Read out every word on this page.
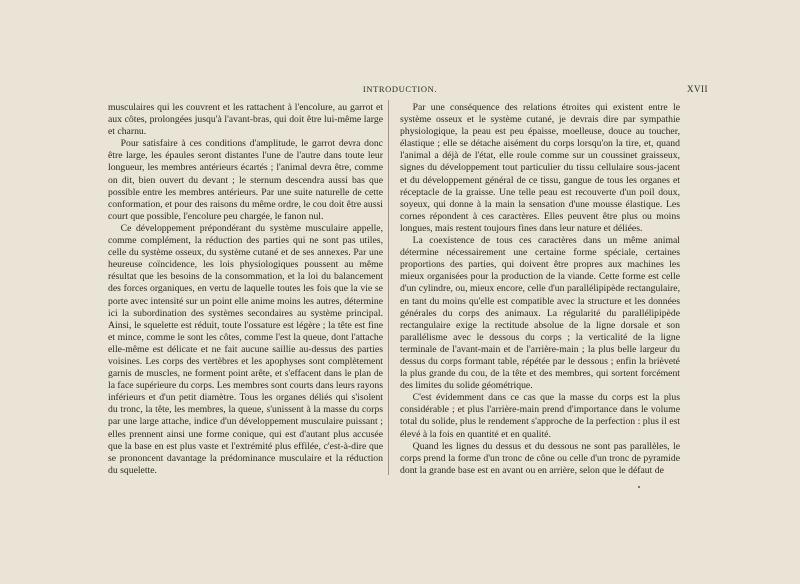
INTRODUCTION.	XVII

musculaires qui les couvrent et les rattachent à l'encolure, au garrot et aux côtes, prolongées jusqu'à l'avant-bras, qui doit être lui-même large et charnu.

Pour satisfaire à ces conditions d'amplitude, le garrot devra donc être large, les épaules seront distantes l'une de l'autre dans toute leur longueur, les membres antérieurs écartés ; l'animal devra être, comme on dit, bien ouvert du devant ; le sternum descendra aussi bas que possible entre les membres antérieurs. Par une suite naturelle de cette conformation, et pour des raisons du même ordre, le cou doit être aussi court que possible, l'encolure peu chargée, le fanon nul.

Ce développement prépondérant du système musculaire appelle, comme complément, la réduction des parties qui ne sont pas utiles, celle du système osseux, du système cutané et de ses annexes. Par une heureuse coïncidence, les lois physiologiques poussent au même résultat que les besoins de la consommation, et la loi du balancement des forces organiques, en vertu de laquelle toutes les fois que la vie se porte avec intensité sur un point elle anime moins les autres, détermine ici la subordination des systèmes secondaires au système principal. Ainsi, le squelette est réduit, toute l'ossature est légère ; la tête est fine et mince, comme le sont les côtes, comme l'est la queue, dont l'attache elle-même est délicate et ne fait aucune saillie au-dessus des parties voisines. Les corps des vertèbres et les apophyses sont complètement garnis de muscles, ne forment point arête, et s'effacent dans le plan de la face supérieure du corps. Les membres sont courts dans leurs rayons inférieurs et d'un petit diamètre. Tous les organes déliés qui s'isolent du tronc, la tête, les membres, la queue, s'unissent à la masse du corps par une large attache, indice d'un développement musculaire puissant ; elles prennent ainsi une forme conique, qui est d'autant plus accusée que la base en est plus vaste et l'extrémité plus effilée, c'est-à-dire que se prononcent davantage la prédominance musculaire et la réduction du squelette.

Par une conséquence des relations étroites qui existent entre le système osseux et le système cutané, je devrais dire par sympathie physiologique, la peau est peu épaisse, moelleuse, douce au toucher, élastique ; elle se détache aisément du corps lorsqu'on la tire, et, quand l'animal a déjà de l'état, elle roule comme sur un coussinet graisseux, signes du développement tout particulier du tissu cellulaire sous-jacent et du développement général de ce tissu, gangue de tous les organes et réceptacle de la graisse. Une telle peau est recouverte d'un poil doux, soyeux, qui donne à la main la sensation d'une mousse élastique. Les cornes répondent à ces caractères. Elles peuvent être plus ou moins longues, mais restent toujours fines dans leur nature et déliées.

La coexistence de tous ces caractères dans un même animal détermine nécessairement une certaine forme spéciale, certaines proportions des parties, qui doivent être propres aux machines les mieux organisées pour la production de la viande. Cette forme est celle d'un cylindre, ou, mieux encore, celle d'un parallélipipède rectangulaire, en tant du moins qu'elle est compatible avec la structure et les données générales du corps des animaux. La régularité du parallélipipède rectangulaire exige la rectitude absolue de la ligne dorsale et son parallélisme avec le dessous du corps ; la verticalité de la ligne terminale de l'avant-main et de l'arrière-main ; la plus belle largeur du dessus du corps formant table, répétée par le dessous ; enfin la brièveté la plus grande du cou, de la tête et des membres, qui sortent forcément des limites du solide géométrique.

C'est évidemment dans ce cas que la masse du corps est la plus considérable ; et plus l'arrière-main prend d'importance dans le volume total du solide, plus le rendement s'approche de la perfection : plus il est élevé à la fois en quantité et en qualité.

Quand les lignes du dessus et du dessous ne sont pas parallèles, le corps prend la forme d'un tronc de cône ou celle d'un tronc de pyramide dont la grande base est en avant ou en arrière, selon que le défaut de
